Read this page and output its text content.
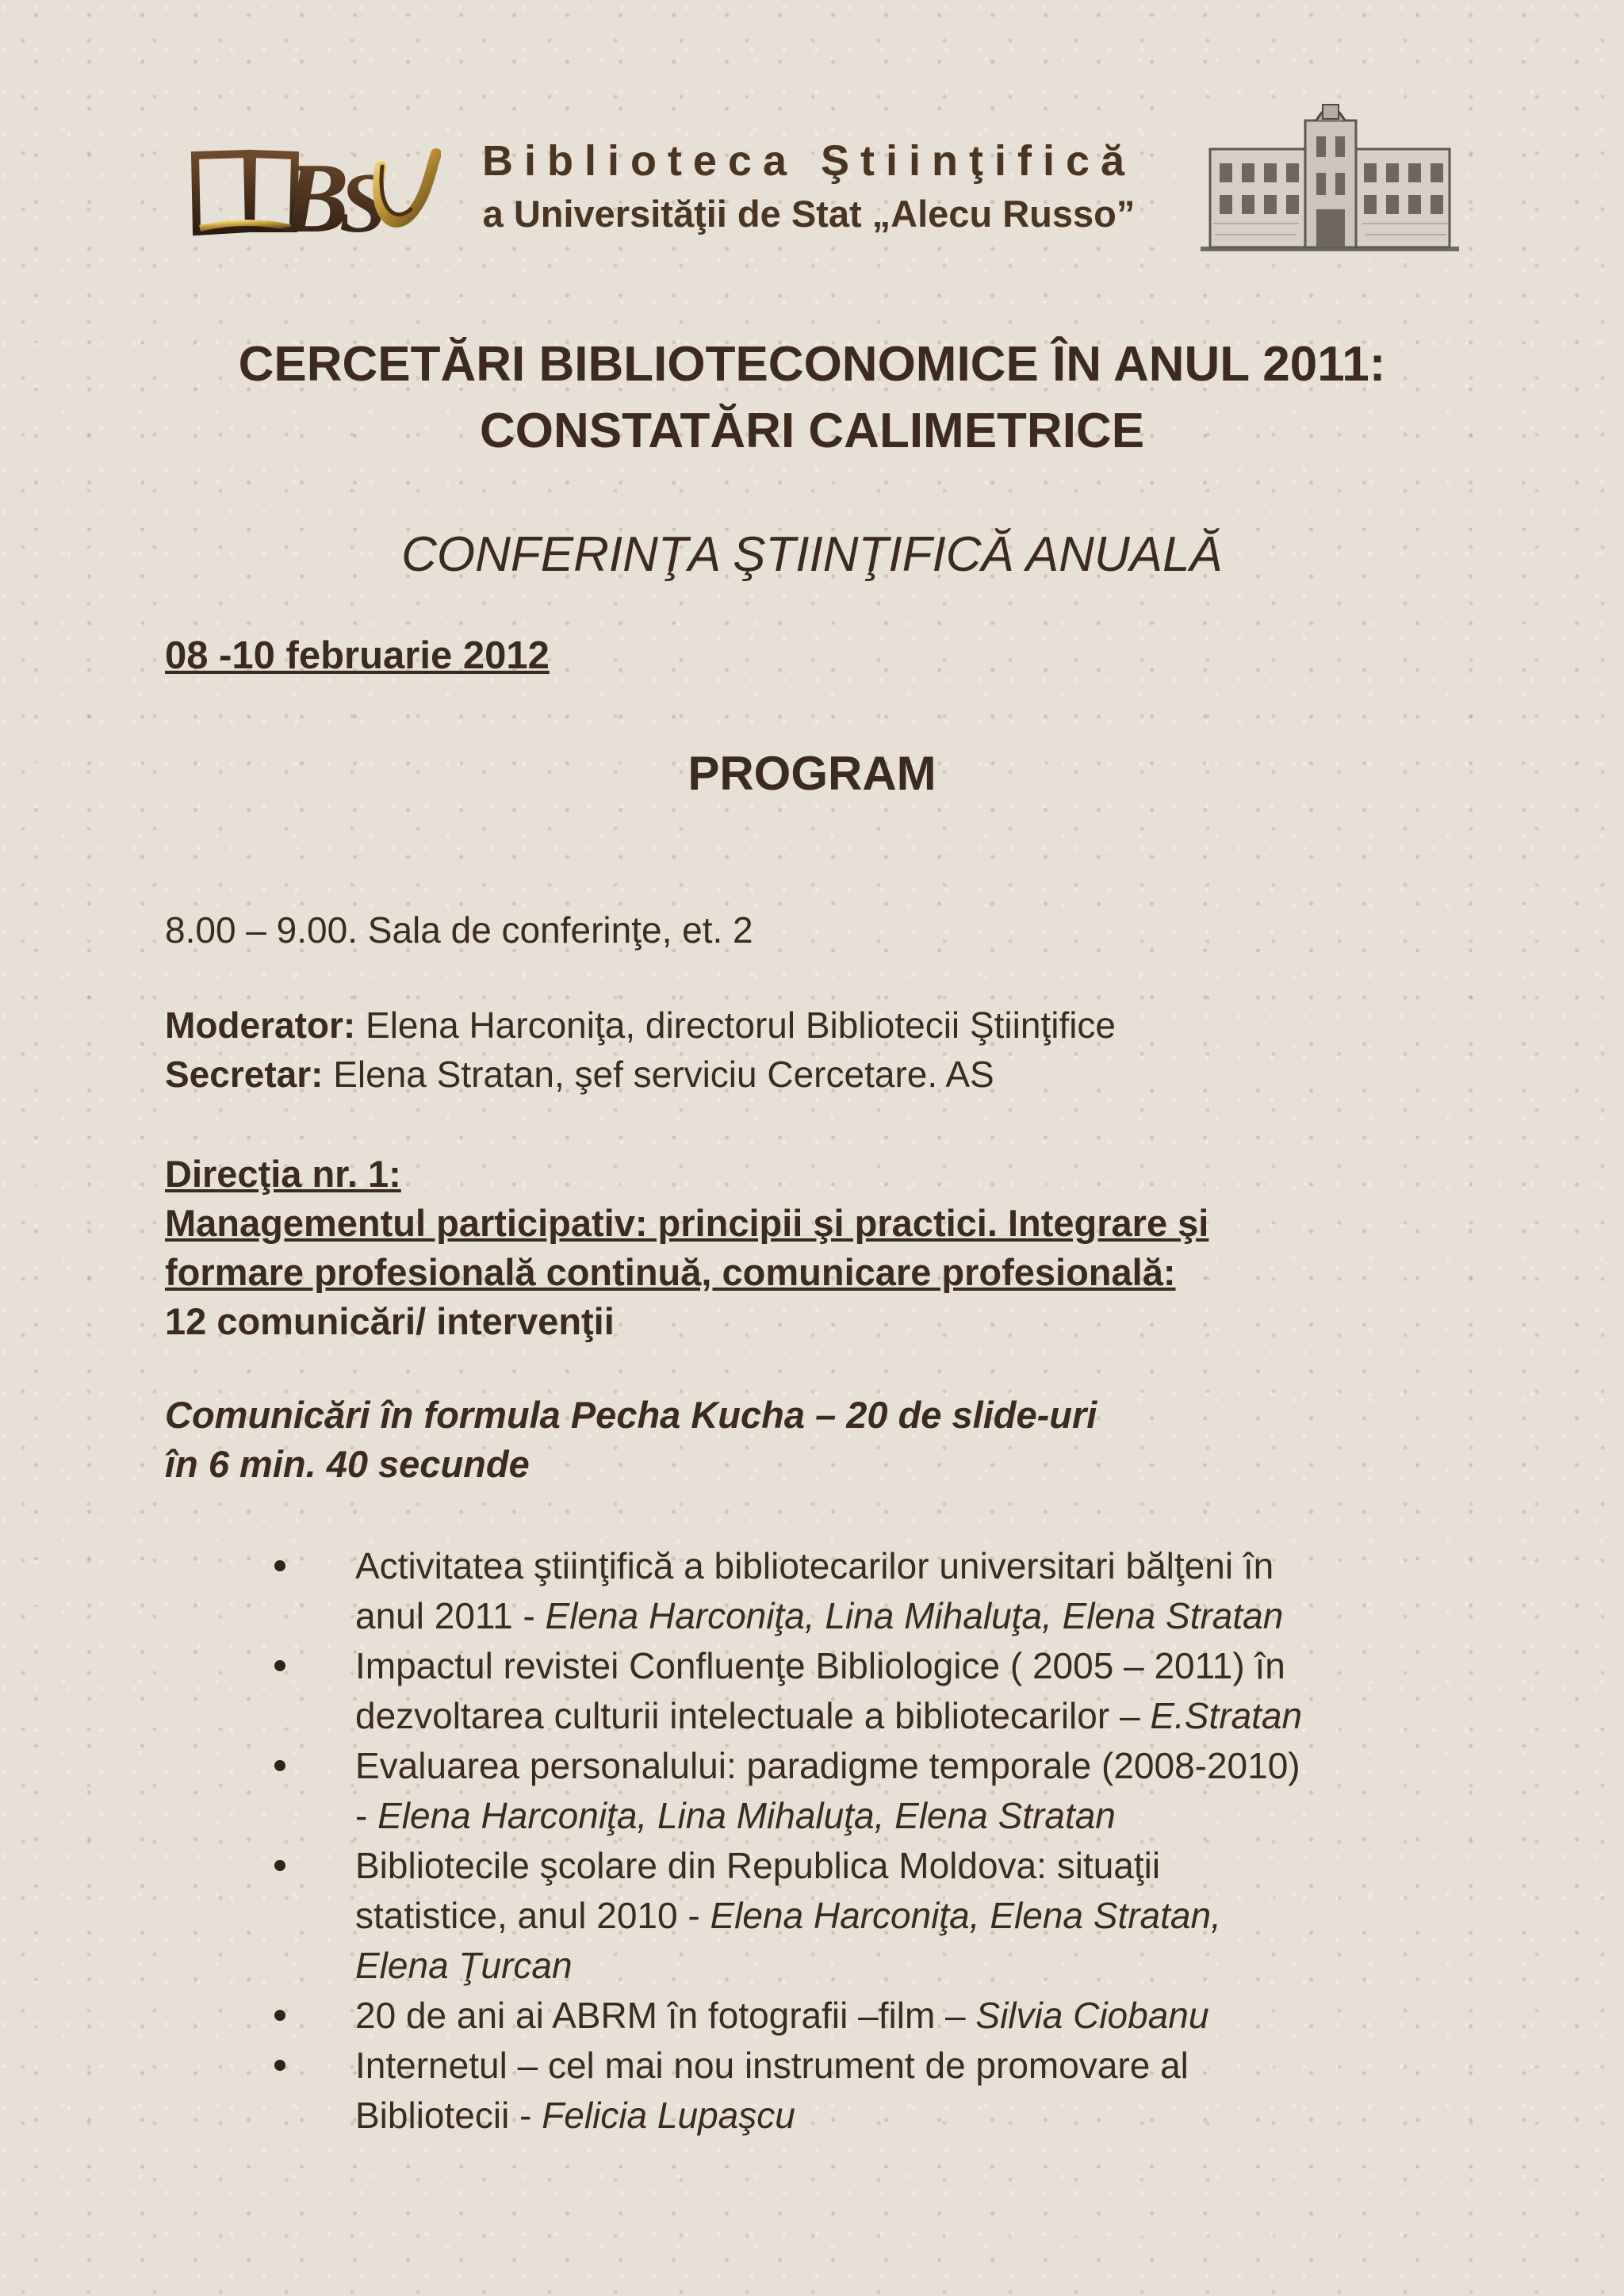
B
S	Biblioteca Ştiinţifică
a Universităţii de Stat „Alecu Russo”
CERCETĂRI BIBLIOTECONOMICE ÎN ANUL 2011:
CONSTATĂRI CALIMETRICE
CONFERINŢA ŞTIINŢIFICĂ ANUALĂ
08 -10 februarie 2012
PROGRAM
8.00 – 9.00. Sala de conferinţe, et. 2
Moderator: Elena Harconiţa, directorul Bibliotecii Ştiinţifice
Secretar: Elena Stratan, şef serviciu Cercetare. AS
Direcţia nr. 1:
Managementul participativ: principii şi practici. Integrare şi
formare profesională continuă, comunicare profesională:
12 comunicări/ intervenţii
Comunicări în formula Pecha Kucha – 20 de slide-uri
în 6 min. 40 secunde
Activitatea ştiinţifică a bibliotecarilor universitari bălţeni în
anul 2011 - Elena Harconiţa, Lina Mihaluţa, Elena Stratan
Impactul revistei Confluenţe Bibliologice ( 2005 – 2011) în
dezvoltarea culturii intelectuale a bibliotecarilor – E.Stratan
Evaluarea personalului: paradigme temporale (2008-2010)
- Elena Harconiţa, Lina Mihaluţa, Elena Stratan
Bibliotecile şcolare din Republica Moldova: situaţii
statistice, anul 2010 - Elena Harconiţa, Elena Stratan,
Elena Ţurcan
20 de ani ai ABRM în fotografii –film – Silvia Ciobanu
Internetul – cel mai nou instrument de promovare al
Bibliotecii - Felicia Lupaşcu
